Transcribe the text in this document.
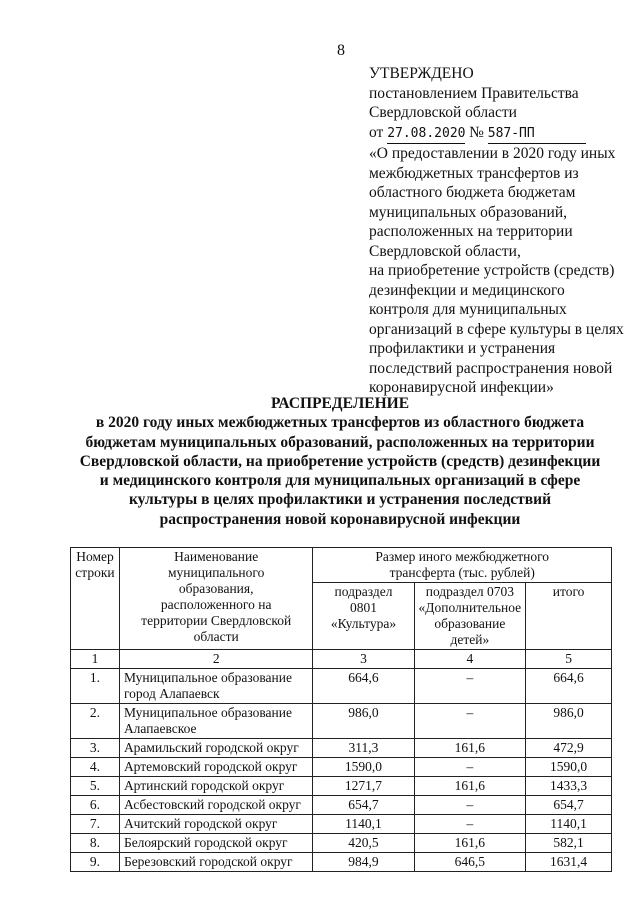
8
УТВЕРЖДЕНО
постановлением Правительства
Свердловской области
от 27.08.2020 № 587-ПП
«О предоставлении в 2020 году иных
межбюджетных трансфертов из
областного бюджета бюджетам
муниципальных образований,
расположенных на территории
Свердловской области,
на приобретение устройств (средств)
дезинфекции и медицинского
контроля для муниципальных
организаций в сфере культуры в целях
профилактики и устранения
последствий распространения новой
коронавирусной инфекции»
РАСПРЕДЕЛЕНИЕ
в 2020 году иных межбюджетных трансфертов из областного бюджета
бюджетам муниципальных образований, расположенных на территории
Свердловской области, на приобретение устройств (средств) дезинфекции
и медицинского контроля для муниципальных организаций в сфере
культуры в целях профилактики и устранения последствий
распространения новой коронавирусной инфекции
Номер строки	Наименование муниципального образования, расположенного на территории Свердловской области	Размер иного межбюджетного трансферта (тыс. рублей)		
		подраздел 0801 «Культура»	подраздел 0703 «Дополнительное образование детей»	итого
1	2	3	4	5
1.	Муниципальное образование город Алапаевск	664,6	–	664,6
2.	Муниципальное образование Алапаевское	986,0	–	986,0
3.	Арамильский городской округ	311,3	161,6	472,9
4.	Артемовский городской округ	1590,0	–	1590,0
5.	Артинский городской округ	1271,7	161,6	1433,3
6.	Асбестовский городской округ	654,7	–	654,7
7.	Ачитский городской округ	1140,1	–	1140,1
8.	Белоярский городской округ	420,5	161,6	582,1
9.	Березовский городской округ	984,9	646,5	1631,4
